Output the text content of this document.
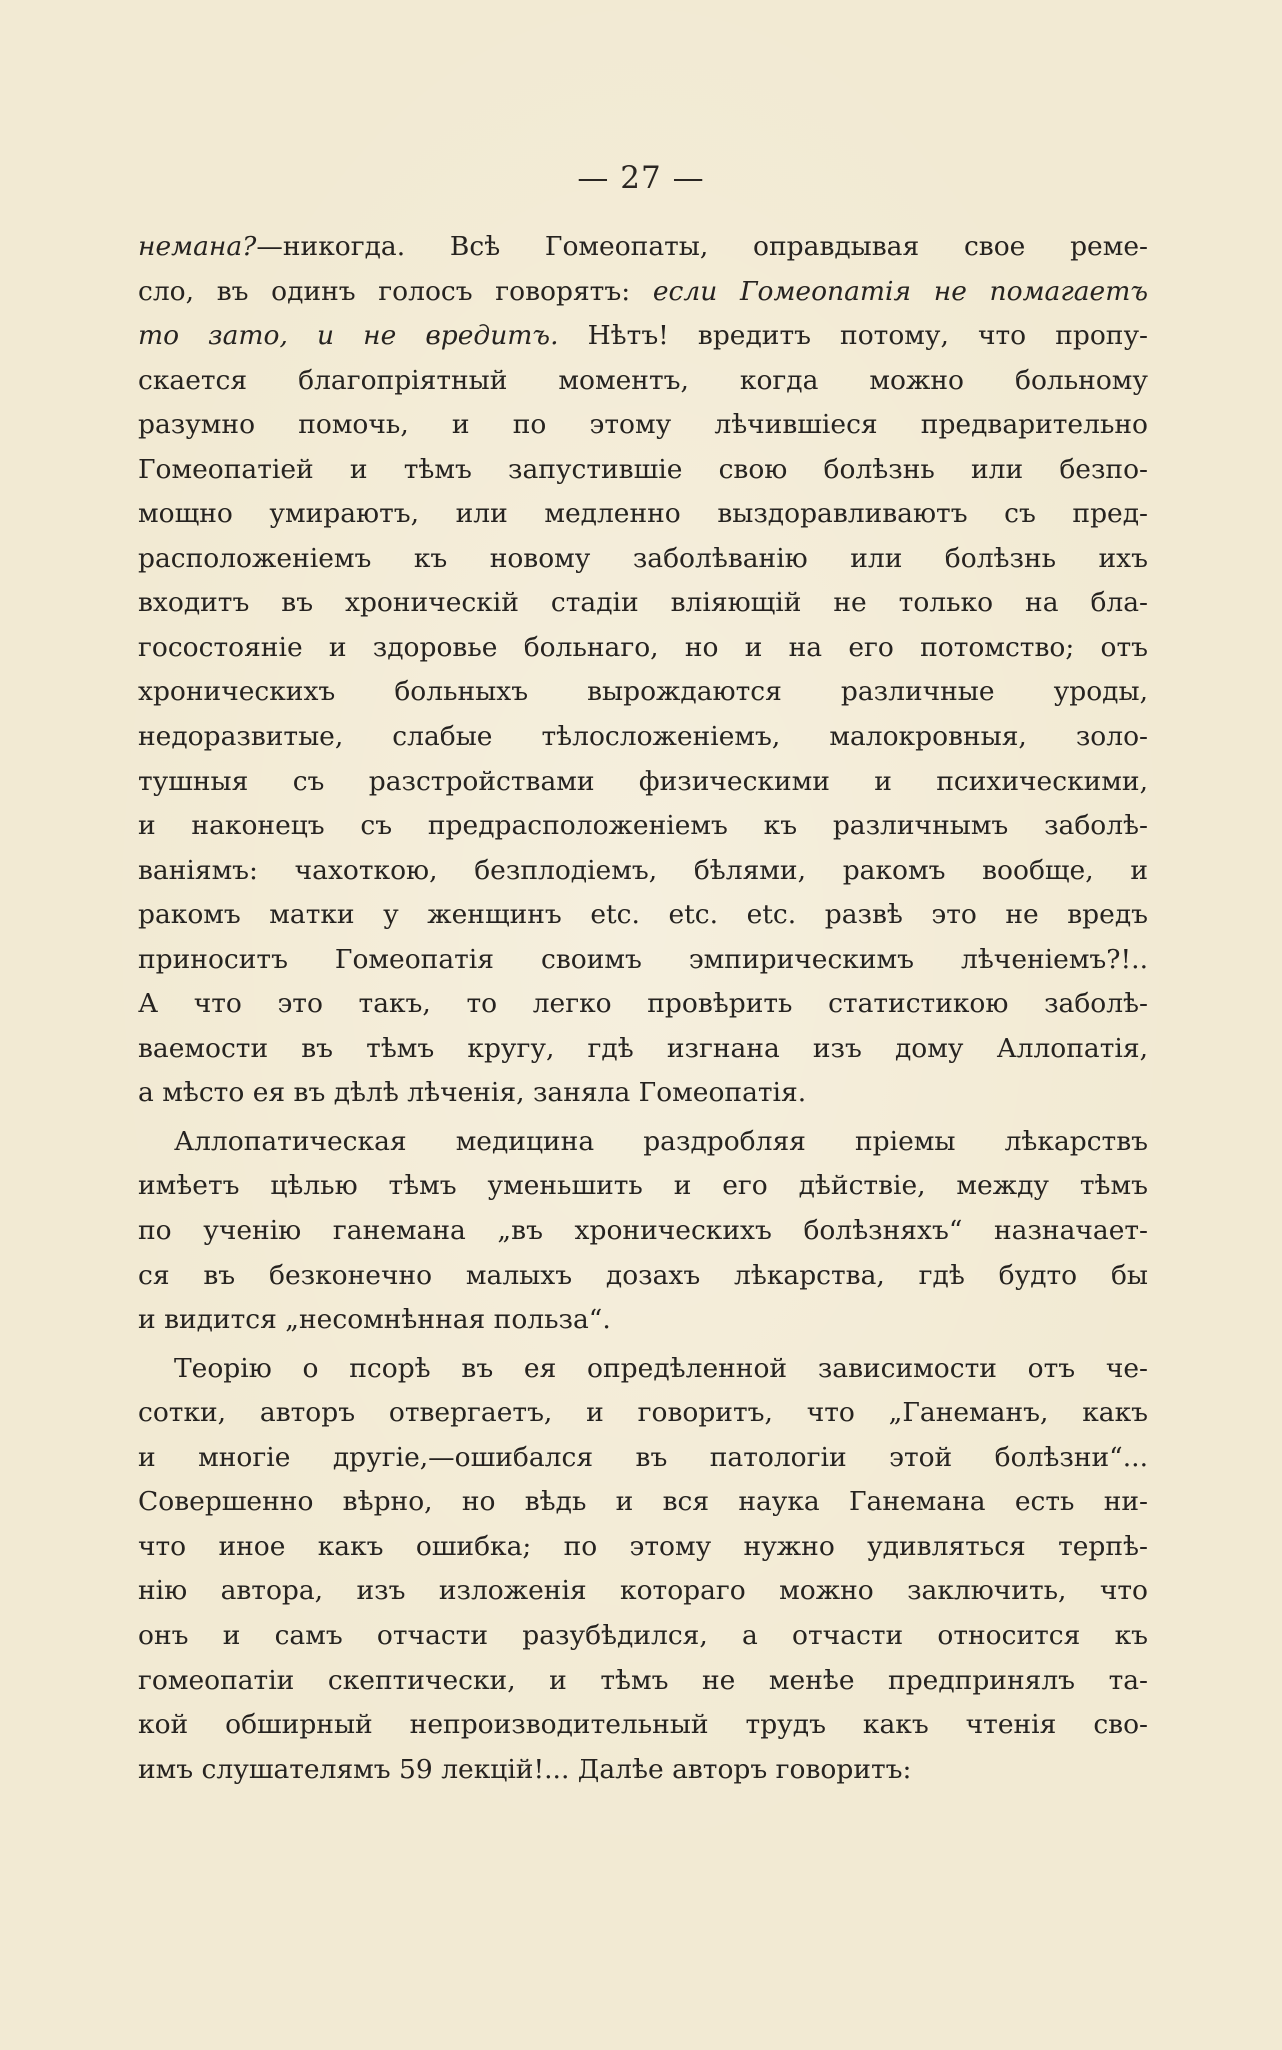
— 27 —
немана?—никогда. Всѣ Гомеопаты, оправдывая свое реме-
сло, въ одинъ голосъ говорятъ: если Гомеопатія не помагаетъ
то зато, и не вредитъ. Нѣтъ! вредитъ потому, что пропу-
скается благопріятный моментъ, когда можно больному
разумно помочь, и по этому лѣчившіеся предварительно
Гомеопатіей и тѣмъ запустившіе свою болѣзнь или безпо-
мощно умираютъ, или медленно выздоравливаютъ съ пред-
расположеніемъ къ новому заболѣванію или болѣзнь ихъ
входитъ въ хроническій стадіи вліяющій не только на бла-
госостояніе и здоровье больнаго, но и на его потомство; отъ
хроническихъ больныхъ вырождаются различные уроды,
недоразвитые, слабые тѣлосложеніемъ, малокровныя, золо-
тушныя съ разстройствами физическими и психическими,
и наконецъ съ предрасположеніемъ къ различнымъ заболѣ-
ваніямъ: чахоткою, безплодіемъ, бѣлями, ракомъ вообще, и
ракомъ матки у женщинъ etc. etc. etc. развѣ это не вредъ
приноситъ Гомеопатія своимъ эмпирическимъ лѣченіемъ?!..
А что это такъ, то легко провѣрить статистикою заболѣ-
ваемости въ тѣмъ кругу, гдѣ изгнана изъ дому Аллопатія,
а мѣсто ея въ дѣлѣ лѣченія, заняла Гомеопатія.
Аллопатическая медицина раздробляя пріемы лѣкарствъ
имѣетъ цѣлью тѣмъ уменьшить и его дѣйствіе, между тѣмъ
по ученію ганемана „въ хроническихъ болѣзняхъ“ назначает-
ся въ безконечно малыхъ дозахъ лѣкарства, гдѣ будто бы
и видится „несомнѣнная польза“.
Теорію о псорѣ въ ея опредѣленной зависимости отъ че-
сотки, авторъ отвергаетъ, и говоритъ, что „Ганеманъ, какъ
и многіе другіе,—ошибался въ патологіи этой болѣзни“...
Совершенно вѣрно, но вѣдь и вся наука Ганемана есть ни-
что иное какъ ошибка; по этому нужно удивляться терпѣ-
нію автора, изъ изложенія котораго можно заключить, что
онъ и самъ отчасти разубѣдился, а отчасти относится къ
гомеопатіи скептически, и тѣмъ не менѣе предпринялъ та-
кой обширный непроизводительный трудъ какъ чтенія сво-
имъ слушателямъ 59 лекцій!... Далѣе авторъ говоритъ:
